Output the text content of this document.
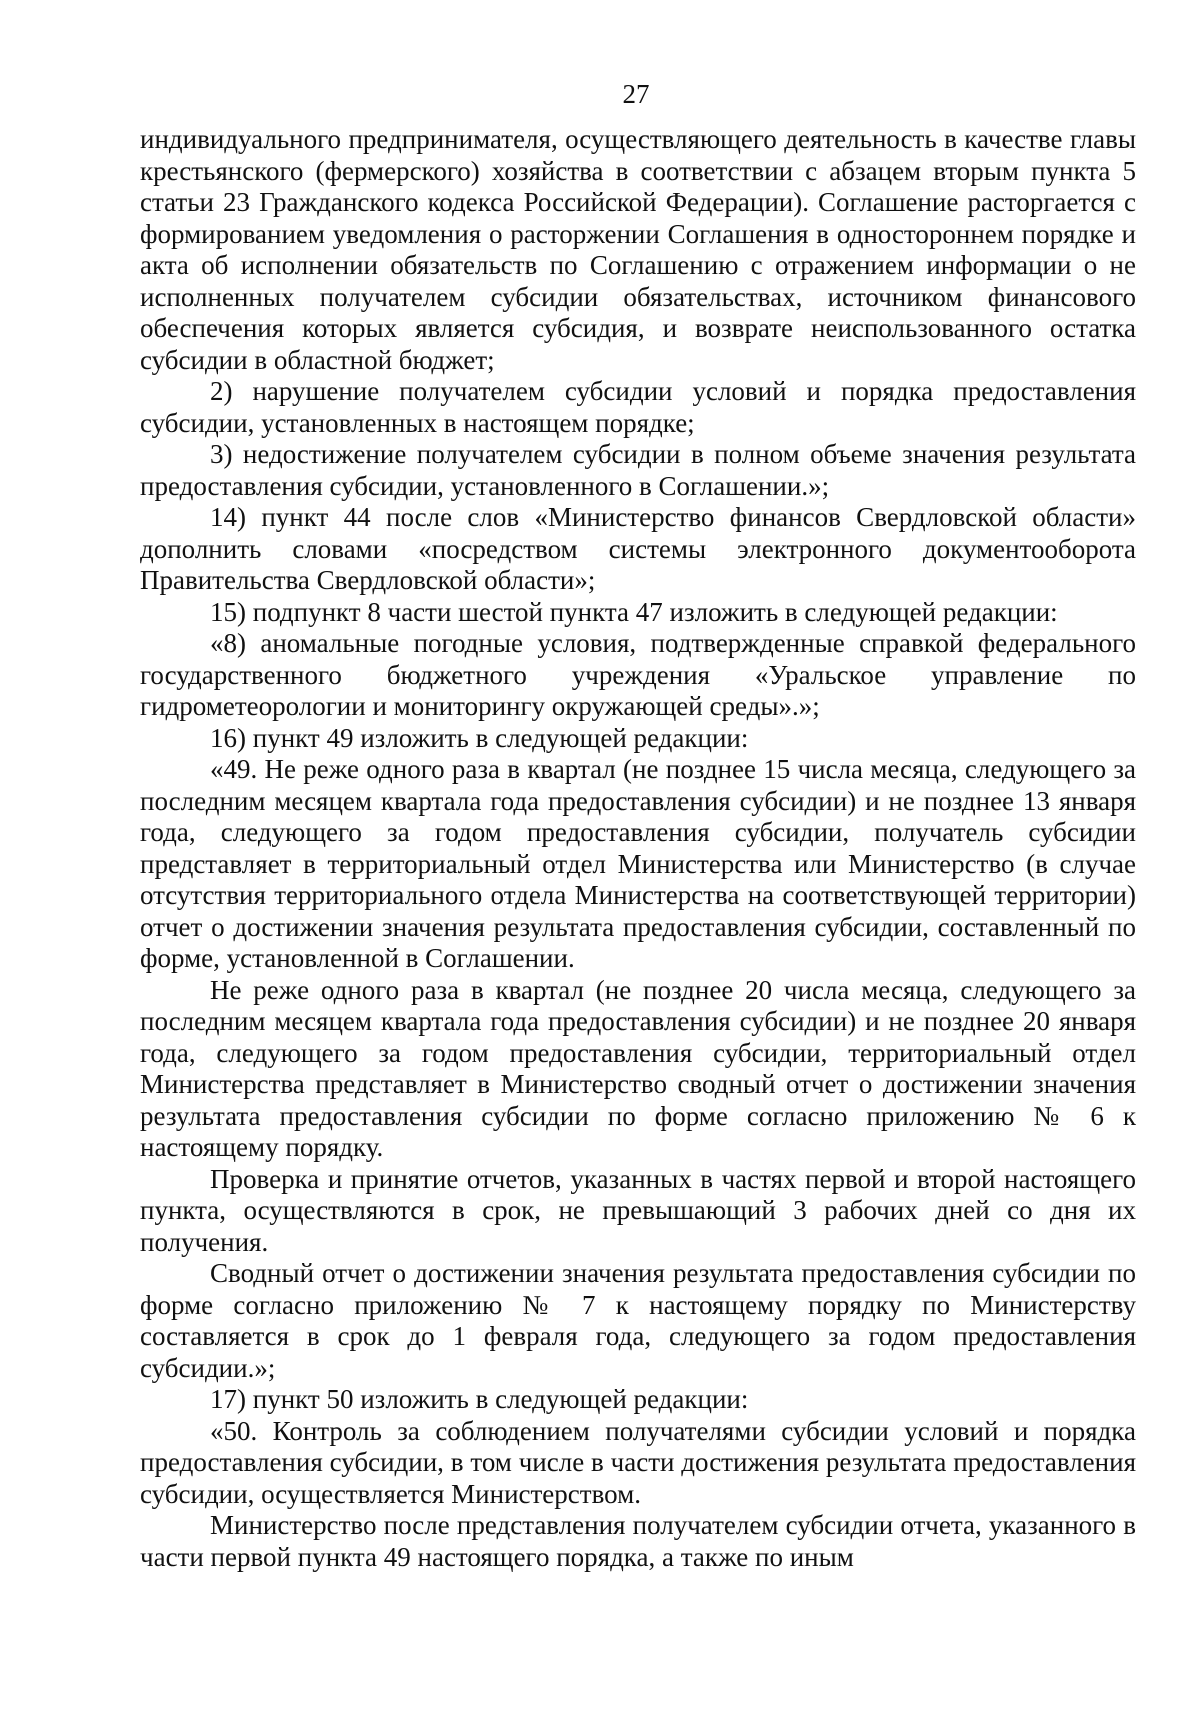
27

индивидуального предпринимателя, осуществляющего деятельность в качестве главы крестьянского (фермерского) хозяйства в соответствии с абзацем вторым пункта 5 статьи 23 Гражданского кодекса Российской Федерации). Соглашение расторгается с формированием уведомления о расторжении Соглашения в одностороннем порядке и акта об исполнении обязательств по Соглашению с отражением информации о не исполненных получателем субсидии обязательствах, источником финансового обеспечения которых является субсидия, и возврате неиспользованного остатка субсидии в областной бюджет;

2) нарушение получателем субсидии условий и порядка предоставления субсидии, установленных в настоящем порядке;

3) недостижение получателем субсидии в полном объеме значения результата предоставления субсидии, установленного в Соглашении.»;

14) пункт 44 после слов «Министерство финансов Свердловской области» дополнить словами «посредством системы электронного документооборота Правительства Свердловской области»;

15) подпункт 8 части шестой пункта 47 изложить в следующей редакции:

«8) аномальные погодные условия, подтвержденные справкой федерального государственного бюджетного учреждения «Уральское управление по гидрометеорологии и мониторингу окружающей среды».»;

16) пункт 49 изложить в следующей редакции:

«49. Не реже одного раза в квартал (не позднее 15 числа месяца, следующего за последним месяцем квартала года предоставления субсидии) и не позднее 13 января года, следующего за годом предоставления субсидии, получатель субсидии представляет в территориальный отдел Министерства или Министерство (в случае отсутствия территориального отдела Министерства на соответствующей территории) отчет о достижении значения результата предоставления субсидии, составленный по форме, установленной в Соглашении.

Не реже одного раза в квартал (не позднее 20 числа месяца, следующего за последним месяцем квартала года предоставления субсидии) и не позднее 20 января года, следующего за годом предоставления субсидии, территориальный отдел Министерства представляет в Министерство сводный отчет о достижении значения результата предоставления субсидии по форме согласно приложению № 6 к настоящему порядку.

Проверка и принятие отчетов, указанных в частях первой и второй настоящего пункта, осуществляются в срок, не превышающий 3 рабочих дней со дня их получения.

Сводный отчет о достижении значения результата предоставления субсидии по форме согласно приложению № 7 к настоящему порядку по Министерству составляется в срок до 1 февраля года, следующего за годом предоставления субсидии.»;

17) пункт 50 изложить в следующей редакции:

«50. Контроль за соблюдением получателями субсидии условий и порядка предоставления субсидии, в том числе в части достижения результата предоставления субсидии, осуществляется Министерством.

Министерство после представления получателем субсидии отчета, указанного в части первой пункта 49 настоящего порядка, а также по иным
